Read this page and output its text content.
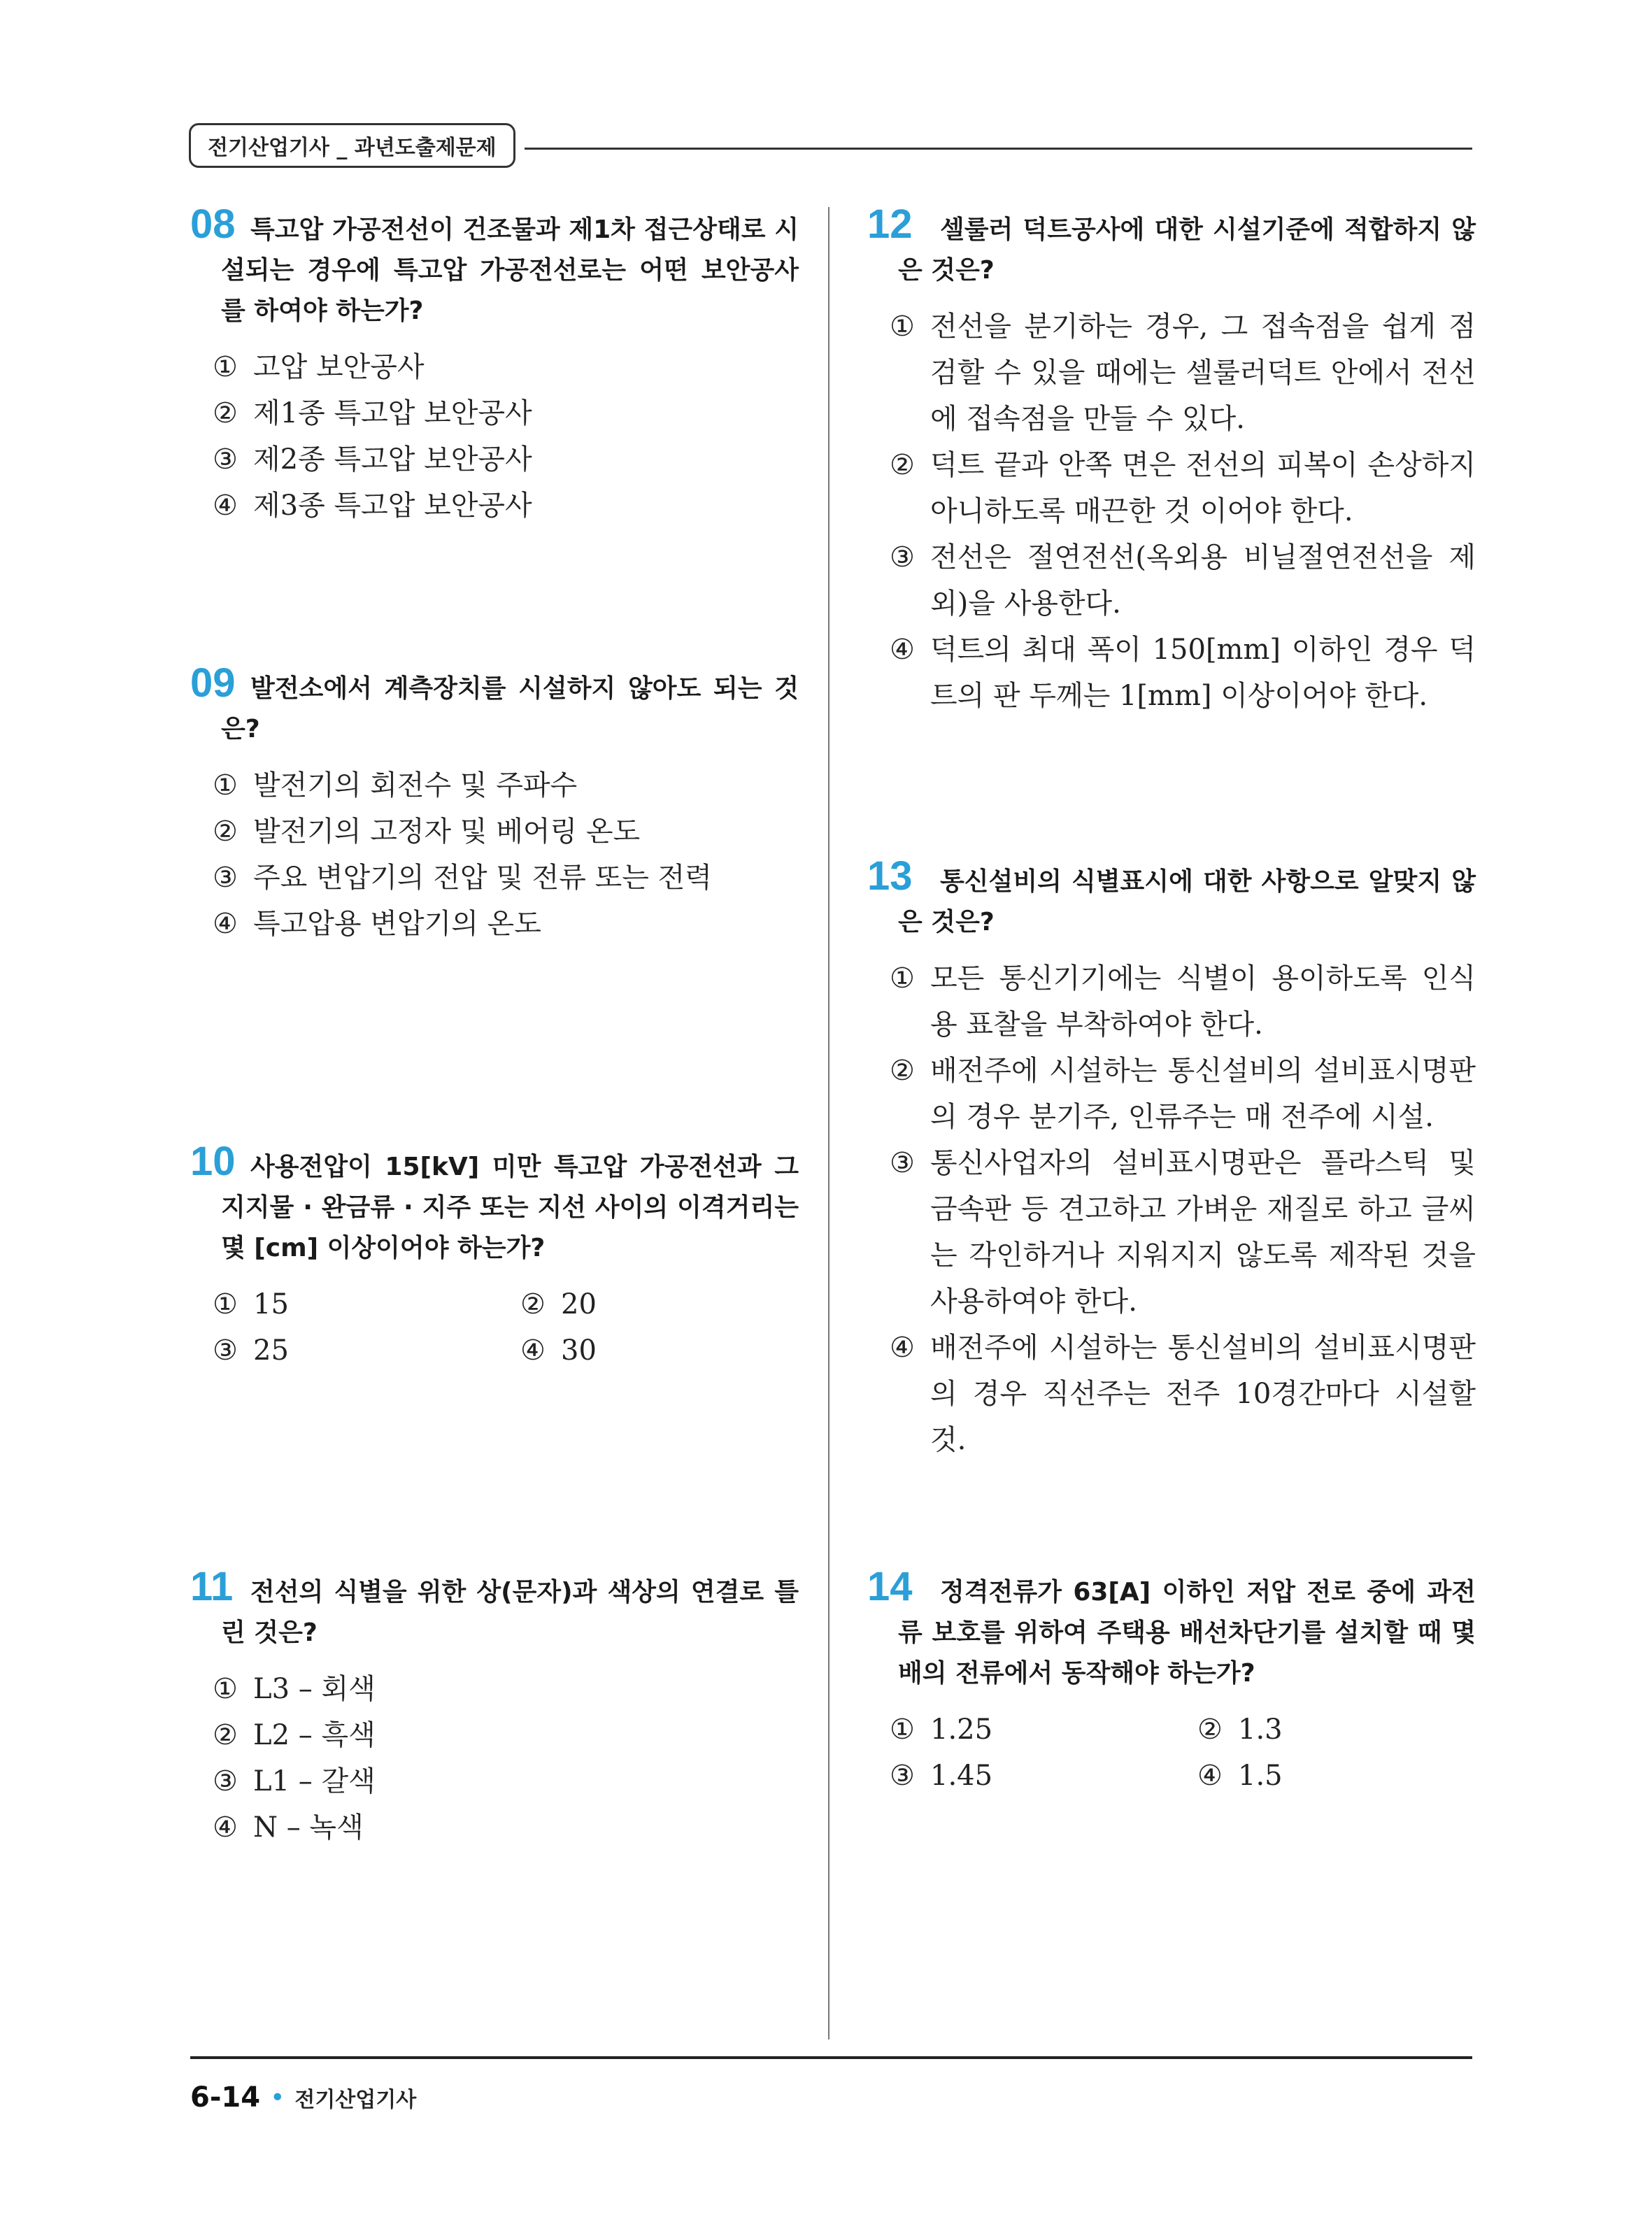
전기산업기사 _ 과년도출제문제
08 특고압 가공전선이 건조물과 제1차 접근상태로 시설되는 경우에 특고압 가공전선로는 어떤 보안공사를 하여야 하는가?

① 고압 보안공사
② 제1종 특고압 보안공사
③ 제2종 특고압 보안공사
④ 제3종 특고압 보안공사
09 발전소에서 계측장치를 시설하지 않아도 되는 것은?

① 발전기의 회전수 및 주파수
② 발전기의 고정자 및 베어링 온도
③ 주요 변압기의 전압 및 전류 또는 전력
④ 특고압용 변압기의 온도
10 사용전압이 15[kV] 미만 특고압 가공전선과 그 지지물 · 완금류 · 지주 또는 지선 사이의 이격거리는 몇 [cm] 이상이어야 하는가?

① 15	② 20
③ 25	④ 30
11 전선의 식별을 위한 상(문자)과 색상의 연결로 틀린 것은?

① L3 – 회색
② L2 – 흑색
③ L1 – 갈색
④ N – 녹색
12	셀룰러 덕트공사에 대한 시설기준에 적합하지 않은 것은?

① 전선을 분기하는 경우, 그 접속점을 쉽게 점검할 수 있을 때에는 셀룰러덕트 안에서 전선에 접속점을 만들 수 있다.
② 덕트 끝과 안쪽 면은 전선의 피복이 손상하지 아니하도록 매끈한 것 이어야 한다.
③ 전선은 절연전선(옥외용 비닐절연전선을 제외)을 사용한다.
④ 덕트의 최대 폭이 150[mm] 이하인 경우 덕트의 판 두께는 1[mm] 이상이어야 한다.
13	통신설비의 식별표시에 대한 사항으로 알맞지 않은 것은?

① 모든 통신기기에는 식별이 용이하도록 인식용 표찰을 부착하여야 한다.
② 배전주에 시설하는 통신설비의 설비표시명판의 경우 분기주, 인류주는 매 전주에 시설.
③ 통신사업자의 설비표시명판은 플라스틱 및 금속판 등 견고하고 가벼운 재질로 하고 글씨는 각인하거나 지워지지 않도록 제작된 것을 사용하여야 한다.
④ 배전주에 시설하는 통신설비의 설비표시명판의 경우 직선주는 전주 10경간마다 시설할 것.
14	정격전류가 63[A] 이하인 저압 전로 중에 과전류 보호를 위하여 주택용 배선차단기를 설치할 때 몇 배의 전류에서 동작해야 하는가?

① 1.25	② 1.3
③ 1.45	④ 1.5
6-14 • 전기산업기사
